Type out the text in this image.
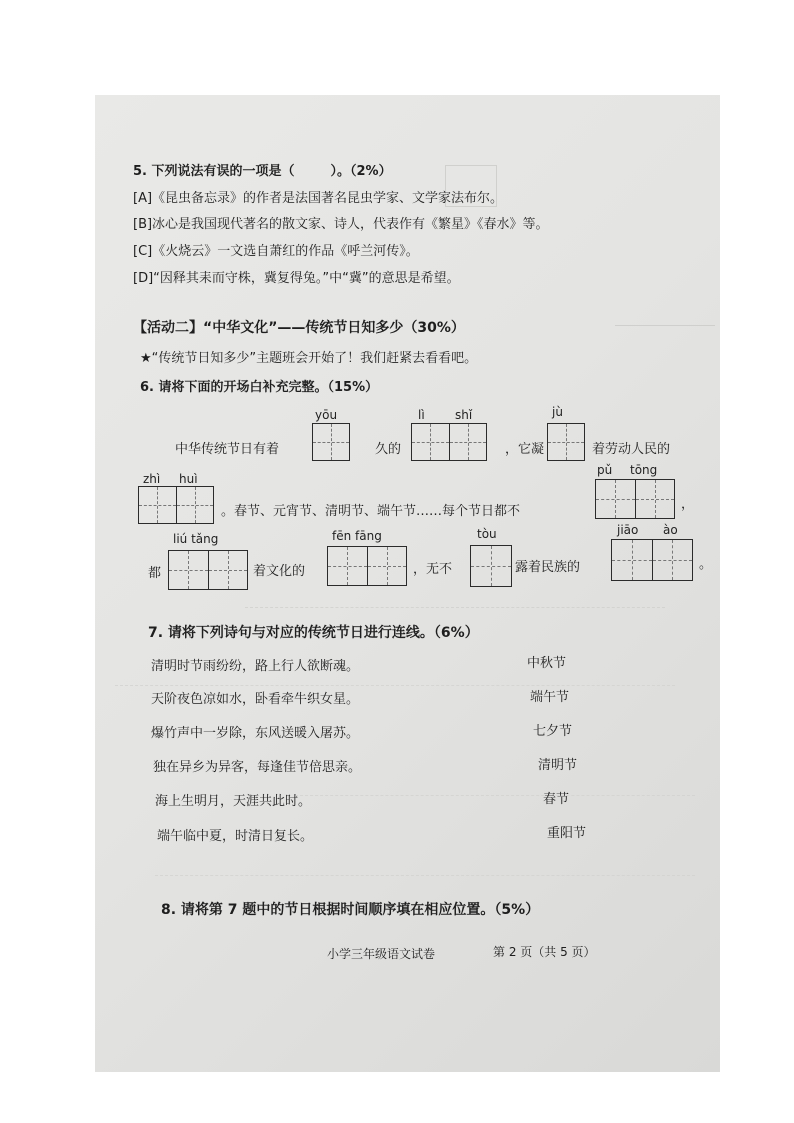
5. 下列说法有误的一项是（	）。（2%）
[A]《昆虫备忘录》的作者是法国著名昆虫学家、文学家法布尔。
[B]冰心是我国现代著名的散文家、诗人，代表作有《繁星》《春水》等。
[C]《火烧云》一文选自萧红的作品《呼兰河传》。
[D]“因释其耒而守株，冀复得兔。”中“冀”的意思是希望。
【活动二】“中华文化”——传统节日知多少（30%）
★“传统节日知多少”主题班会开始了！我们赶紧去看看吧。
6. 请将下面的开场白补充完整。（15%）
中华传统节日有着
yōu
久的
lì	shǐ
，它凝
jù
着劳动人民的
zhì huì
。春节、元宵节、清明节、端午节……每个节日都不
pǔ tōng
，
都
liú tǎng
着文化的
fēn fāng
，无不
tòu
露着民族的
jiāo ào
。
7. 请将下列诗句与对应的传统节日进行连线。（6%）
清明时节雨纷纷，路上行人欲断魂。
天阶夜色凉如水，卧看牵牛织女星。
爆竹声中一岁除，东风送暖入屠苏。
独在异乡为异客，每逢佳节倍思亲。
海上生明月，天涯共此时。
端午临中夏，时清日复长。
中秋节
端午节
七夕节
清明节
春节
重阳节
8. 请将第 7 题中的节日根据时间顺序填在相应位置。（5%）
小学三年级语文试卷	第 2 页（共 5 页）
